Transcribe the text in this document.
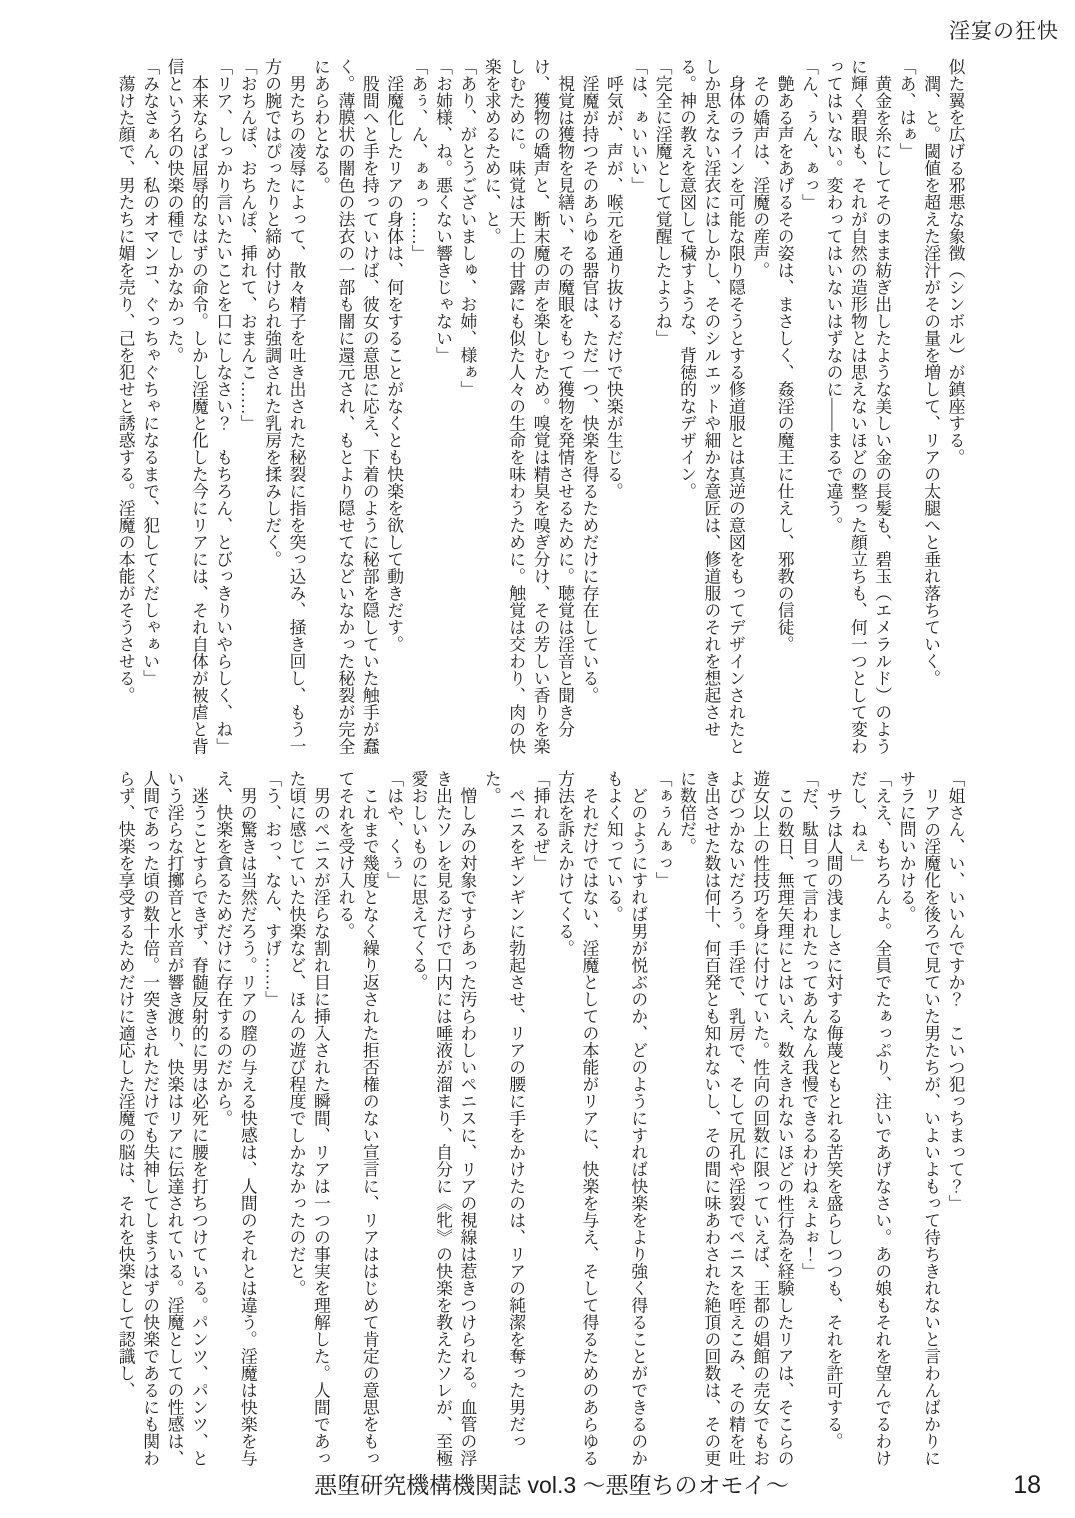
淫宴の狂快

似た翼を広げる邪悪な象徴（シンボル）が鎮座する。

潤、と。閾値を超えた淫汁がその量を増して、リアの太腿へと垂れ落ちていく。

「あ、はぁ」

黄金を糸にしてそのまま紡ぎ出したような美しい金の長髪も、碧玉（エメラルド）のように輝く碧眼も、それが自然の造形物とは思えないほどの整った顔立ちも、何一つとして変わってはいない。変わってはいないはずなのに——まるで違う。

「ん、ぅん、ぁっ」

艶ある声をあげるその姿は、まさしく、姦淫の魔王に仕えし、邪教の信徒。

その嬌声は、淫魔の産声。

身体のラインを可能な限り隠そうとする修道服とは真逆の意図をもってデザインされたとしか思えない淫衣にはしかし、そのシルエットや細かな意匠は、修道服のそれを想起させる。神の教えを意図して穢すような、背徳的なデザイン。

「完全に淫魔として覚醒したようね」

「は、ぁいいい」

呼気が、声が、喉元を通り抜けるだけで快楽が生じる。

淫魔が持つそのあらゆる器官は、ただ一つ、快楽を得るためだけに存在している。

視覚は獲物を見繕い、その魔眼をもって獲物を発情させるために。聴覚は淫音と聞き分け、獲物の嬌声と、断末魔の声を楽しむため。嗅覚は精臭を嗅ぎ分け、その芳しい香りを楽しむために。味覚は天上の甘露にも似た人々の生命を味わうために。触覚は交わり、肉の快楽を求めるために、と。

「あり、がとうございましゅ、お姉、様ぁ」

「お姉様、ね。悪くない響きじゃない」

「あぅ、ん、ぁぁっ……」

淫魔化したリアの身体は、何をすることがなくとも快楽を欲して動きだす。

股間へと手を持っていけば、彼女の意思に応え、下着のように秘部を隠していた触手が蠢く。薄膜状の闇色の法衣の一部も闇に還元され、もとより隠せてなどいなかった秘裂が完全にあらわとなる。

男たちの凌辱によって、散々精子を吐き出された秘裂に指を突っ込み、掻き回し、もう一方の腕ではぴったりと締め付けられ強調された乳房を揉みしだく。

「おちんぽ、おちんぽ、挿れて、おまんこ……」

「リア、しっかり言いたいことを口にしなさい？　もちろん、とびっきりいやらしく、ね」

本来ならば屈辱的なはずの命令。しかし淫魔と化した今にリアには、それ自体が被虐と背信という名の快楽の種でしかなかった。

「みなさぁん、私のオマンコ、ぐっちゃぐちゃになるまで、犯してくだしゃぁい」

蕩けた顔で、男たちに媚を売り、己を犯せと誘惑する。淫魔の本能がそうさせる。

「姐さん、い、いいんですか？　こいつ犯っちまって？」

リアの淫魔化を後ろで見ていた男たちが、いよいよもって待ちきれないと言わんばかりにサラに問いかける。

「ええ、もちろんよ。全員でたぁっぷり、注いであげなさい。あの娘もそれを望んでるわけだし、ねぇ」

サラは人間の浅ましさに対する侮蔑ともとれる苦笑を盛らしつつも、それを許可する。

「だ、駄目って言われたってあんなん我慢できるわけねぇよぉ！」

この数日、無理矢理にとはいえ、数えきれないほどの性行為を経験したリアは、そこらの遊女以上の性技巧を身に付けていた。性向の回数に限っていえば、王都の娼館の売女でもおよびつかないだろう。手淫で、乳房で、そして尻孔や淫裂でペニスを咥えこみ、その精を吐き出させた数は何十、何百発とも知れないし、その間に味あわされた絶頂の回数は、その更に数倍だ。

「ぁぅんぁっ」

どのようにすれば男が悦ぶのか、どのようにすれば快楽をより強く得ることができるのかもよく知っている。

それだけではない、淫魔としての本能がリアに、快楽を与え、そして得るためのあらゆる方法を訴えかけてくる。

「挿れるぜ」

ペニスをギンギンに勃起させ、リアの腰に手をかけたのは、リアの純潔を奪った男だった。

憎しみの対象ですらあった汚らわしいペニスに、リアの視線は惹きつけられる。血管の浮き出たソレを見るだけで口内には唾液が溜まり、自分に《牝》の快楽を教えたソレが、至極愛おしいものに思えてくる。

「はや、くぅ」

これまで幾度となく繰り返された拒否権のない宣言に、リアははじめて肯定の意思をもってそれを受け入れる。

男のペニスが淫らな割れ目に挿入された瞬間、リアは一つの事実を理解した。人間であった頃に感じていた快楽など、ほんの遊び程度でしかなかったのだと。

「う、おっ、なん、すげ……」

男の驚きは当然だろう。リアの膣の与える快感は、人間のそれとは違う。淫魔は快楽を与え、快楽を貪るためだけに存在するのだから。

迷うことすらできず、脊髄反射的に男は必死に腰を打ちつけている。パンツ、パンツ、という淫らな打擲音と水音が響き渡り、快楽はリアに伝達されている。淫魔としての性感は、人間であった頃の数十倍。一突きされただけでも失神してしまうはずの快楽であるにも関わらず、快楽を享受するためだけに適応した淫魔の脳は、それを快楽として認識し、

悪堕研究機構機関誌 vol.3 ～悪堕ちのオモイ～	18
